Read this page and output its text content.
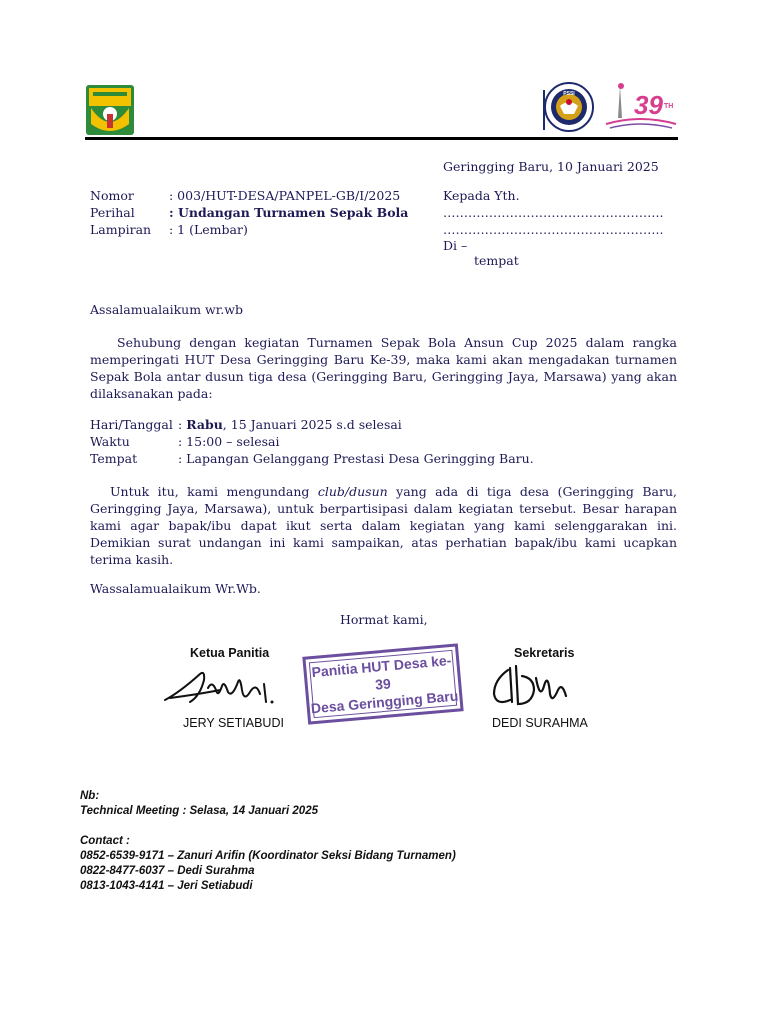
PSSI 39 TH
Geringging Baru, 10 Januari 2025
Nomor	: 003/HUT-DESA/PANPEL-GB/I/2025
Perihal	: Undangan Turnamen Sepak Bola
Lampiran : 1 (Lembar)
Kepada Yth.
……………………………………………..
……………………………………………..
Di –
tempat
Assalamualaikum wr.wb
Sehubung dengan kegiatan Turnamen Sepak Bola Ansun Cup 2025 dalam rangka memperingati HUT Desa Geringging Baru Ke-39, maka kami akan mengadakan turnamen Sepak Bola antar dusun tiga desa (Geringging Baru, Geringging Jaya, Marsawa) yang akan dilaksanakan pada:
Hari/Tanggal : Rabu, 15 Januari 2025 s.d selesai
Waktu	: 15:00 – selesai
Tempat	: Lapangan Gelanggang Prestasi Desa Geringging Baru.
Untuk itu, kami mengundang club/dusun yang ada di tiga desa (Geringging Baru, Geringging Jaya, Marsawa), untuk berpartisipasi dalam kegiatan tersebut. Besar harapan kami agar bapak/ibu dapat ikut serta dalam kegiatan yang kami selenggarakan ini. Demikian surat undangan ini kami sampaikan, atas perhatian bapak/ibu kami ucapkan terima kasih.
Wassalamualaikum Wr.Wb.
Hormat kami,
Ketua Panitia	Sekretaris
Panitia HUT Desa ke-39
Desa Geringging Baru
JERY SETIABUDI	DEDI SURAHMA
Nb:
Technical Meeting : Selasa, 14 Januari 2025
Contact :
0852-6539-9171 – Zanuri Arifin (Koordinator Seksi Bidang Turnamen)
0822-8477-6037 – Dedi Surahma
0813-1043-4141 – Jeri Setiabudi
